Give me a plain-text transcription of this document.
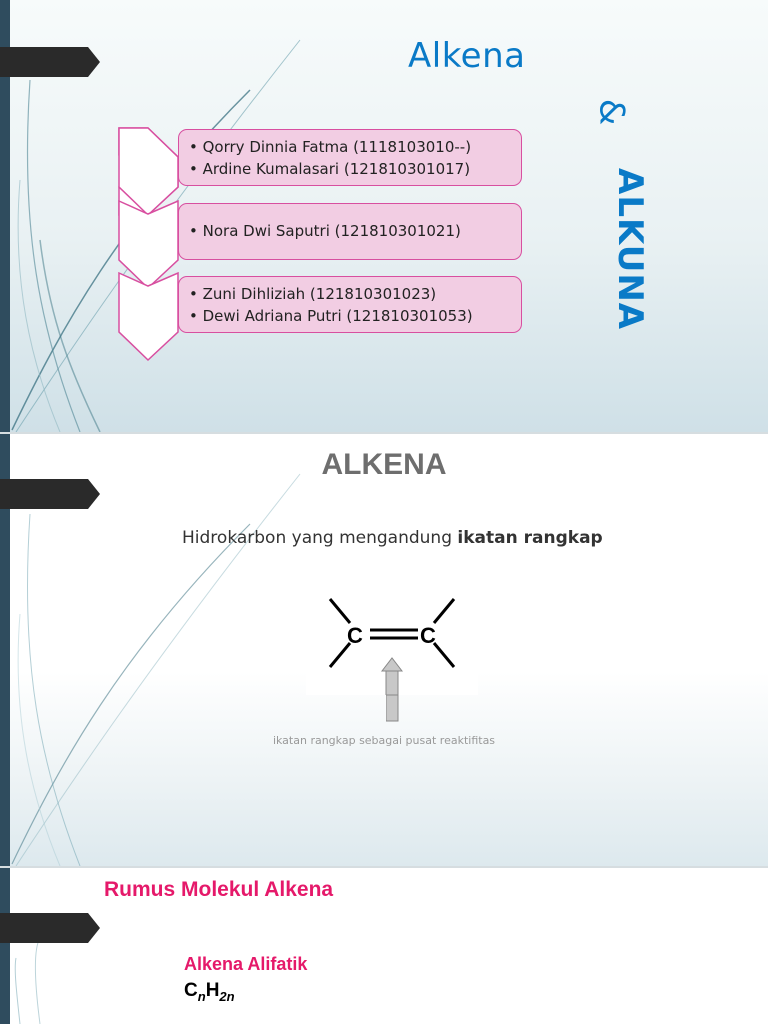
Alkena
&
ALKUNA
• Qorry Dinnia Fatma (1118103010--)
• Ardine Kumalasari (121810301017)
• Nora Dwi Saputri (121810301021)
• Zuni Dihliziah (121810301023)
• Dewi Adriana Putri (121810301053)
ALKENA
Hidrokarbon yang mengandung ikatan rangkap
C	C
ikatan rangkap sebagai pusat reaktifitas
Rumus Molekul Alkena
Alkena Alifatik
$C_nH_{2n}$
